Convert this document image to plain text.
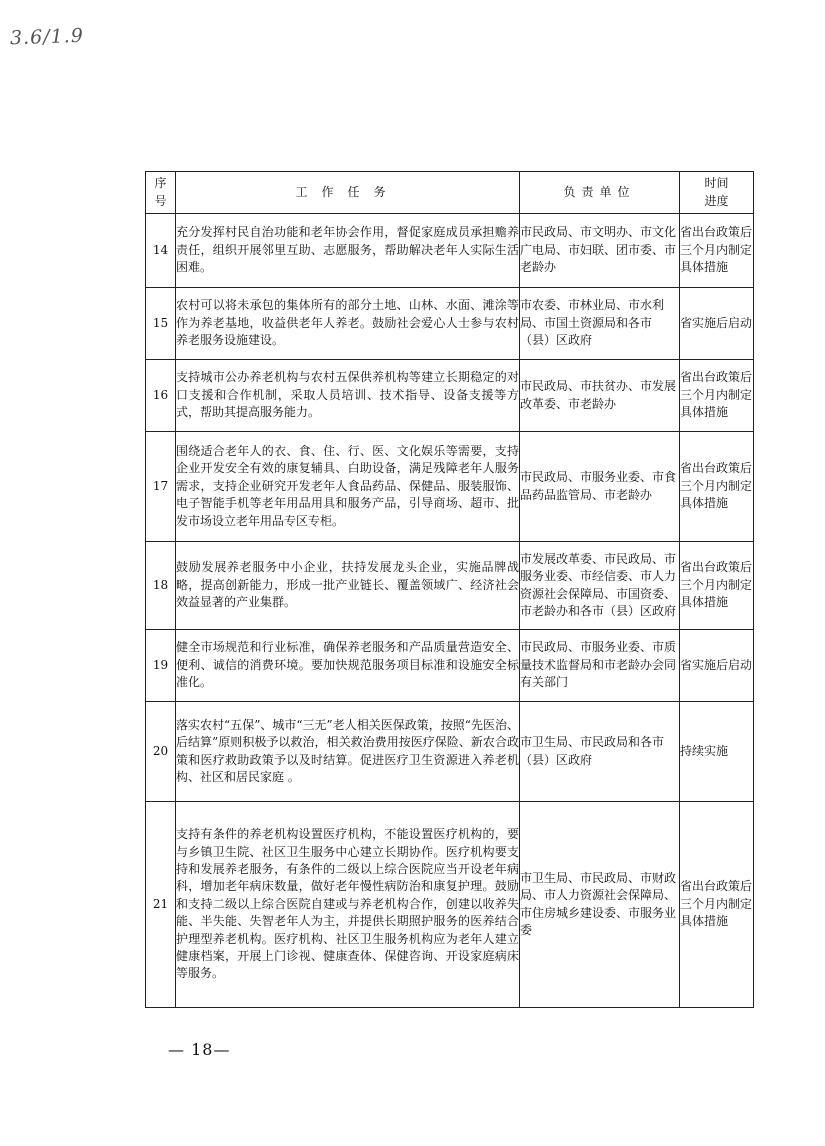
3.6/1.9
序号	工作任务	负责单位	时间进度
14	充分发挥村民自治功能和老年协会作用，督促家庭成员承担赡养责任，组织开展邻里互助、志愿服务，帮助解决老年人实际生活困难。	市民政局、市文明办、市文化广电局、市妇联、团市委、市老龄办	省出台政策后三个月内制定具体措施
15	农村可以将未承包的集体所有的部分土地、山林、水面、滩涂等作为养老基地，收益供老年人养老。鼓励社会爱心人士参与农村养老服务设施建设。	市农委、市林业局、市水利局、市国土资源局和各市（县）区政府	省实施后启动
16	支持城市公办养老机构与农村五保供养机构等建立长期稳定的对口支援和合作机制，采取人员培训、技术指导、设备支援等方式，帮助其提高服务能力。	市民政局、市扶贫办、市发展改革委、市老龄办	省出台政策后三个月内制定具体措施
17	围绕适合老年人的衣、食、住、行、医、文化娱乐等需要，支持企业开发安全有效的康复辅具、白助设备，满足残障老年人服务需求，支持企业研究开发老年人食品药品、保健品、服装服饰、电子智能手机等老年用品用具和服务产品，引导商场、超市、批发市场设立老年用品专区专柜。	市民政局、市服务业委、市食品药品监管局、市老龄办	省出台政策后三个月内制定具体措施
18	鼓励发展养老服务中小企业，扶持发展龙头企业，实施品牌战略，提高创新能力，形成一批产业链长、覆盖领域广、经济社会效益显著的产业集群。	市发展改革委、市民政局、市服务业委、市经信委、市人力资源社会保障局、市国资委、市老龄办和各市（县）区政府	省出台政策后三个月内制定具体措施
19	健全市场规范和行业标准，确保养老服务和产品质量营造安全、便利、诚信的消费环境。要加快规范服务项目标准和设施安全标准化。	市民政局、市服务业委、市质量技术监督局和市老龄办会同有关部门	省实施后启动
20	落实农村“五保”、城市“三无”老人相关医保政策，按照“先医治、后结算”原则积极予以救治，相关救治费用按医疗保险、新农合政策和医疗救助政策予以及时结算。促进医疗卫生资源进入养老机构、社区和居民家庭 。	市卫生局、市民政局和各市（县）区政府	持续实施
21	支持有条件的养老机构设置医疗机构，不能设置医疗机构的，要与乡镇卫生院、社区卫生服务中心建立长期协作。医疗机构要支持和发展养老服务，有条件的二级以上综合医院应当开设老年病科，增加老年病床数量，做好老年慢性病防治和康复护理。鼓励和支持二级以上综合医院自建或与养老机构合作，创建以收养失能、半失能、失智老年人为主，并提供长期照护服务的医养结合护理型养老机构。医疗机构、社区卫生服务机构应为老年人建立健康档案，开展上门诊视、健康查体、保健咨询、开设家庭病床等服务。	市卫生局、市民政局、市财政局、市人力资源社会保障局、市住房城乡建设委、市服务业委	省出台政策后三个月内制定具体措施
— 18—
